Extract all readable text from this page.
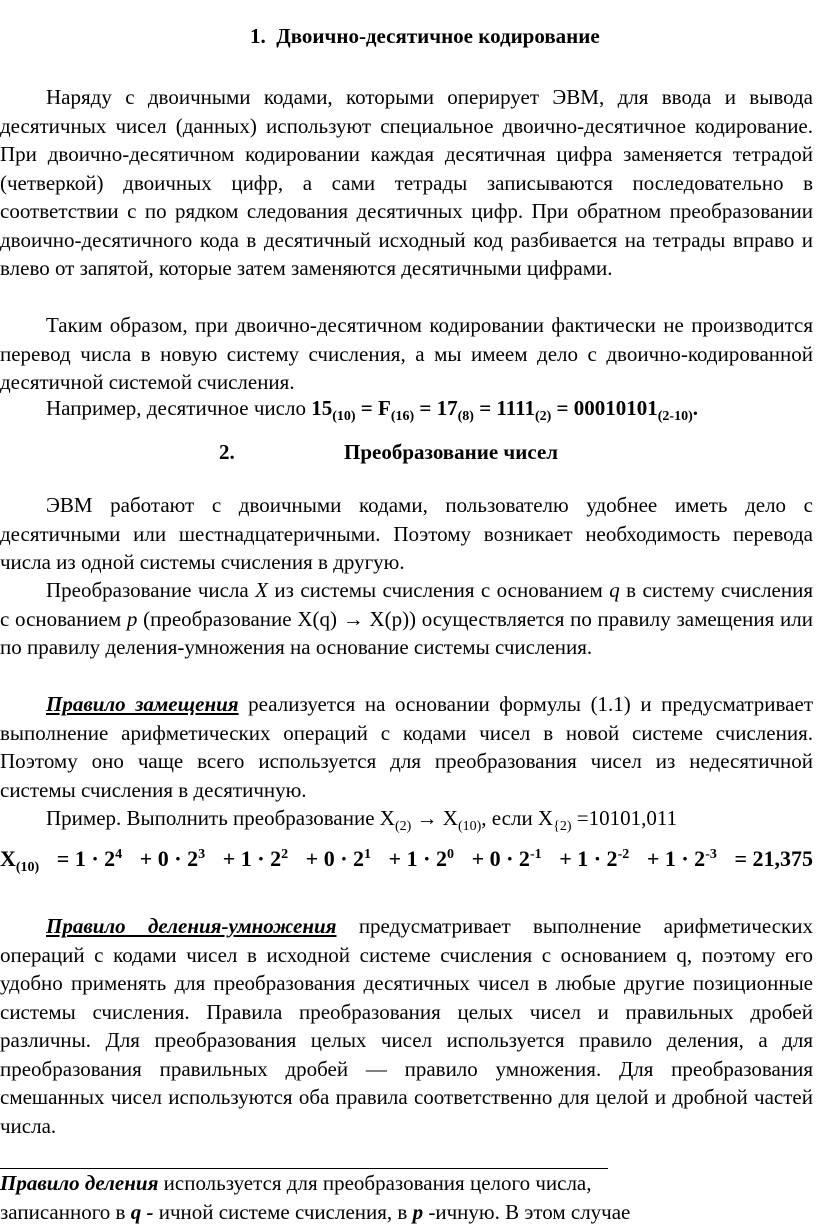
1. Двоично-десятичное кодирование

Наряду с двоичными кодами, которыми оперирует ЭВМ, для ввода и вывода десятичных чисел (данных) используют специальное двоично-десятичное кодирование. При двоично-десятичном кодировании каждая десятичная цифра заменяется тетрадой (четверкой) двоичных цифр, а сами тетрады записываются последовательно в соответствии с по рядком следования десятичных цифр. При обратном преобразовании двоично-десятичного кода в десятичный исходный код разбивается на тетрады вправо и влево от запятой, которые затем заменяются десятичными цифрами.

Таким образом, при двоично-десятичном кодировании фактически не производится перевод числа в новую систему счисления, а мы имеем дело с двоично-кодированной десятичной системой счисления.

Например, десятичное число $15_{(10)} = F_{(16)} = 17_{(8)} = 1111_{(2)} = 00010101_{(2-10)}$.

2.	Преобразование чисел

ЭВМ работают с двоичными кодами, пользователю удобнее иметь дело с десятичными или шестнадцатеричными. Поэтому возникает необходимость перевода числа из одной системы счисления в другую.

Преобразование числа X из системы счисления с основанием q в систему счисления с основанием p (преобразование X(q) → X(p)) осуществляется по правилу замещения или по правилу деления-умножения на основание системы счисления.

Правило замещения реализуется на основании формулы (1.1) и предусматривает выполнение арифметических операций с кодами чисел в новой системе счисления. Поэтому оно чаще всего используется для преобразования чисел из недесятичной системы счисления в десятичную.

Пример. Выполнить преобразование $X_{(2)} \to X_{(10)}$, если $X_{\{2)} =10101,011$

$X_{(10)} = 1 \cdot 2^4 + 0 \cdot 2^3 + 1 \cdot 2^2 + 0 \cdot 2^1 + 1 \cdot 2^0 + 0 \cdot 2^{-1} + 1 \cdot 2^{-2} + 1 \cdot 2^{-3} = 21,375$

Правило деления-умножения предусматривает выполнение арифметических операций с кодами чисел в исходной системе счисления с основанием q, поэтому его удобно применять для преобразования десятичных чисел в любые другие позиционные системы счисления. Правила преобразования целых чисел и правильных дробей различны. Для преобразования целых чисел используется правило деления, а для преобразования правильных дробей — правило умножения. Для преобразования смешанных чисел используются оба правила соответственно для целой и дробной частей числа.

Правило деления используется для преобразования целого числа,
записанного в q - ичной системе счисления, в p -ичную. В этом случае
